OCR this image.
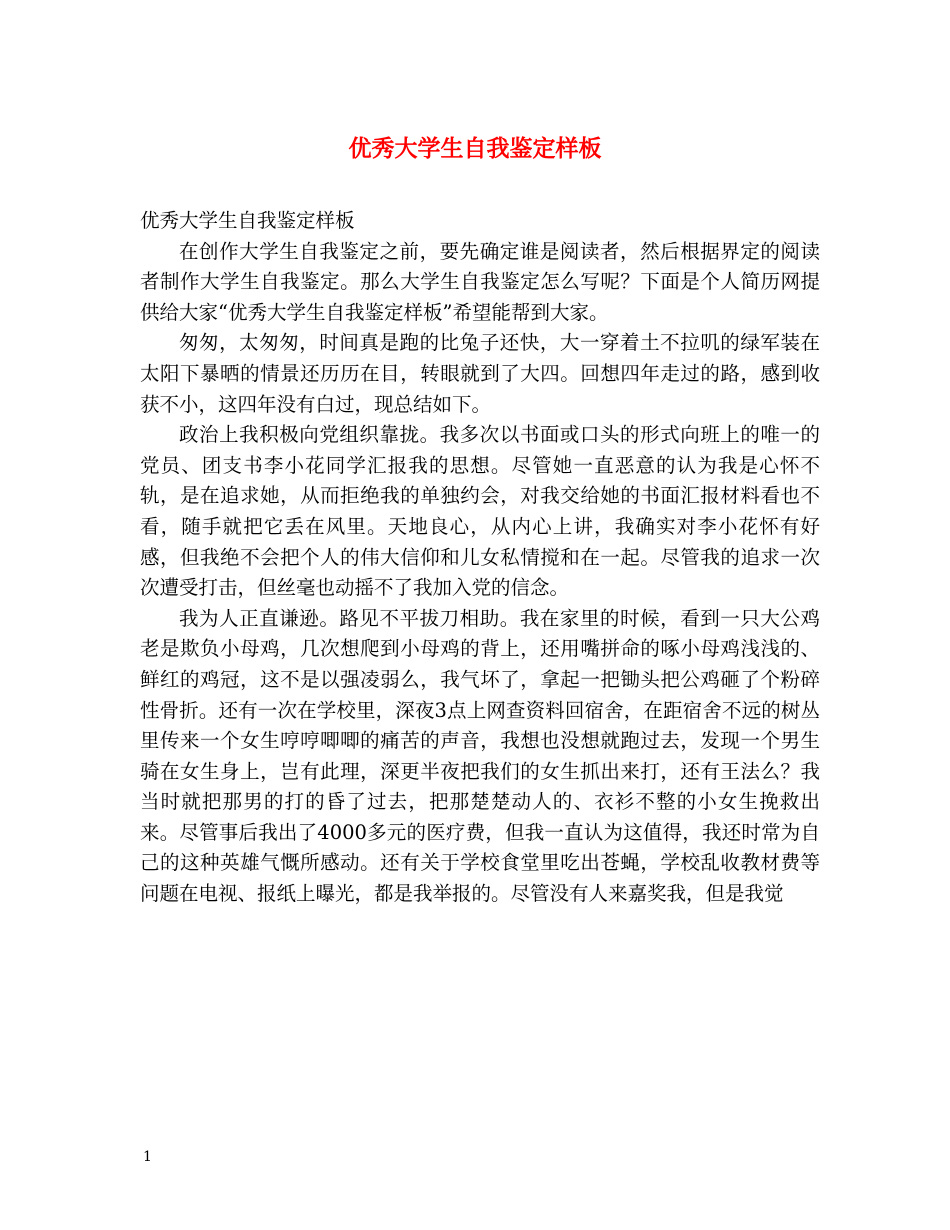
优秀大学生自我鉴定样板

优秀大学生自我鉴定样板

在创作大学生自我鉴定之前，要先确定谁是阅读者，然后根据界定的阅读者制作大学生自我鉴定。那么大学生自我鉴定怎么写呢？下面是个人简历网提供给大家“优秀大学生自我鉴定样板”希望能帮到大家。

匆匆，太匆匆，时间真是跑的比兔子还快，大一穿着土不拉叽的绿军装在太阳下暴晒的情景还历历在目，转眼就到了大四。回想四年走过的路，感到收获不小，这四年没有白过，现总结如下。

政治上我积极向党组织靠拢。我多次以书面或口头的形式向班上的唯一的党员、团支书李小花同学汇报我的思想。尽管她一直恶意的认为我是心怀不轨，是在追求她，从而拒绝我的单独约会，对我交给她的书面汇报材料看也不看，随手就把它丢在风里。天地良心，从内心上讲，我确实对李小花怀有好感，但我绝不会把个人的伟大信仰和儿女私情搅和在一起。尽管我的追求一次次遭受打击，但丝毫也动摇不了我加入党的信念。

我为人正直谦逊。路见不平拔刀相助。我在家里的时候，看到一只大公鸡老是欺负小母鸡，几次想爬到小母鸡的背上，还用嘴拼命的啄小母鸡浅浅的、鲜红的鸡冠，这不是以强凌弱么，我气坏了，拿起一把锄头把公鸡砸了个粉碎性骨折。还有一次在学校里，深夜3点上网查资料回宿舍，在距宿舍不远的树丛里传来一个女生哼哼唧唧的痛苦的声音，我想也没想就跑过去，发现一个男生骑在女生身上，岂有此理，深更半夜把我们的女生抓出来打，还有王法么？我当时就把那男的打的昏了过去，把那楚楚动人的、衣衫不整的小女生挽救出来。尽管事后我出了4000多元的医疗费，但我一直认为这值得，我还时常为自己的这种英雄气慨所感动。还有关于学校食堂里吃出苍蝇，学校乱收教材费等问题在电视、报纸上曝光，都是我举报的。尽管没有人来嘉奖我，但是我觉

1
